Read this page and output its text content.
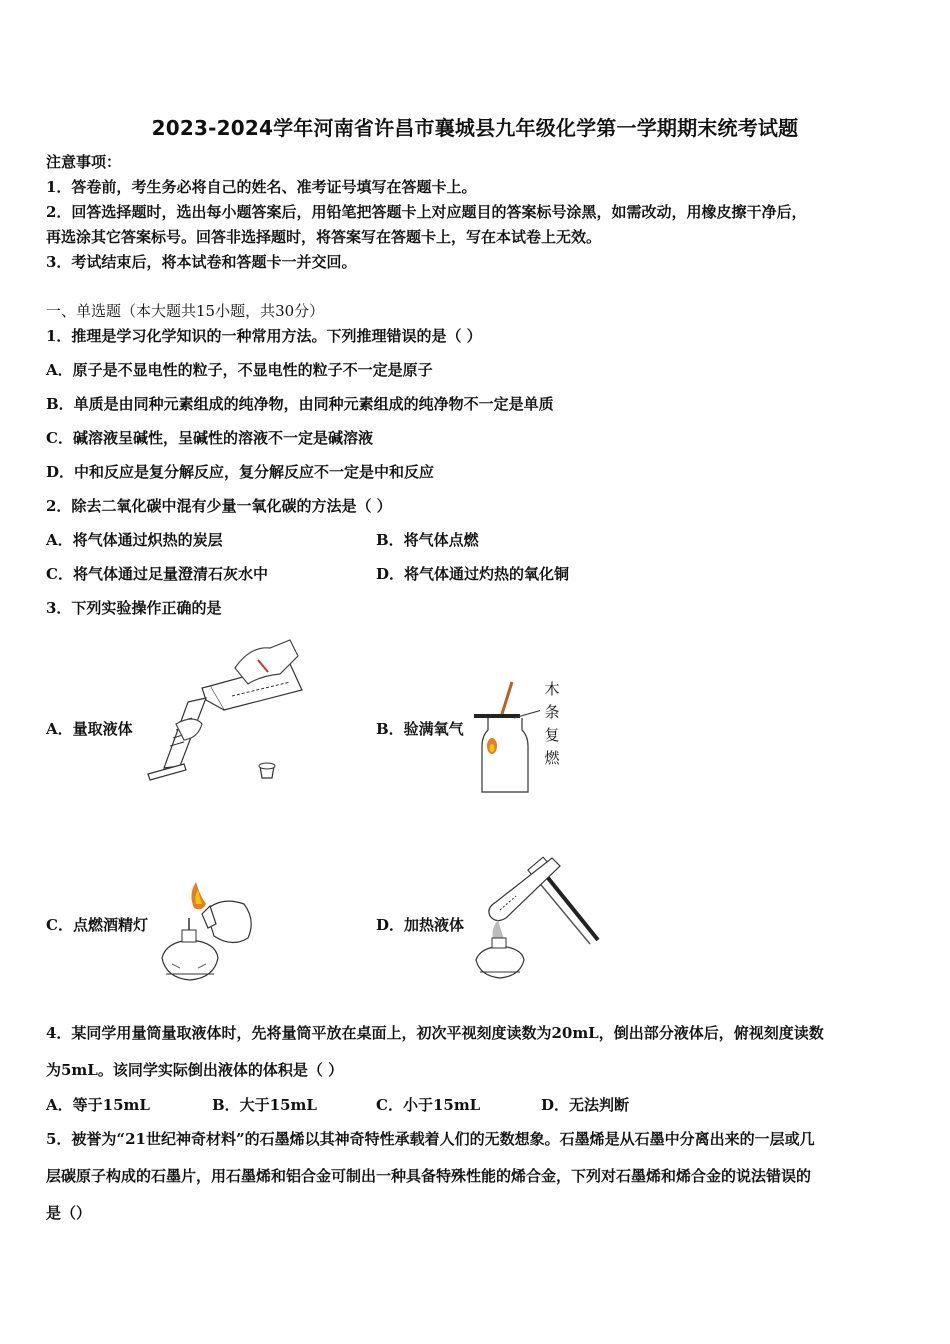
2023-2024学年河南省许昌市襄城县九年级化学第一学期期末统考试题
注意事项：
1．答卷前，考生务必将自己的姓名、准考证号填写在答题卡上。
2．回答选择题时，选出每小题答案后，用铅笔把答题卡上对应题目的答案标号涂黑，如需改动，用橡皮擦干净后，
再选涂其它答案标号。回答非选择题时，将答案写在答题卡上，写在本试卷上无效。
3．考试结束后，将本试卷和答题卡一并交回。
一、单选题（本大题共15小题，共30分）
1．推理是学习化学知识的一种常用方法。下列推理错误的是（ ）
A．原子是不显电性的粒子，不显电性的粒子不一定是原子
B．单质是由同种元素组成的纯净物，由同种元素组成的纯净物不一定是单质
C．碱溶液呈碱性，呈碱性的溶液不一定是碱溶液
D．中和反应是复分解反应，复分解反应不一定是中和反应
2．除去二氧化碳中混有少量一氧化碳的方法是（ ）
A．将气体通过炽热的炭层	B．将气体点燃
C．将气体通过足量澄清石灰水中	D．将气体通过灼热的氧化铜
3．下列实验操作正确的是
A．量取液体	B．验满氧气
木
条
复
燃
C．点燃酒精灯	D．加热液体
4．某同学用量筒量取液体时，先将量筒平放在桌面上，初次平视刻度读数为20mL，倒出部分液体后，俯视刻度读数
为5mL。该同学实际倒出液体的体积是（ ）
A．等于15mL	B．大于15mL	C．小于15mL	D．无法判断
5．被誉为“21世纪神奇材料”的石墨烯以其神奇特性承载着人们的无数想象。石墨烯是从石墨中分离出来的一层或几
层碳原子构成的石墨片，用石墨烯和铝合金可制出一种具备特殊性能的烯合金，下列对石墨烯和烯合金的说法错误的
是（）
